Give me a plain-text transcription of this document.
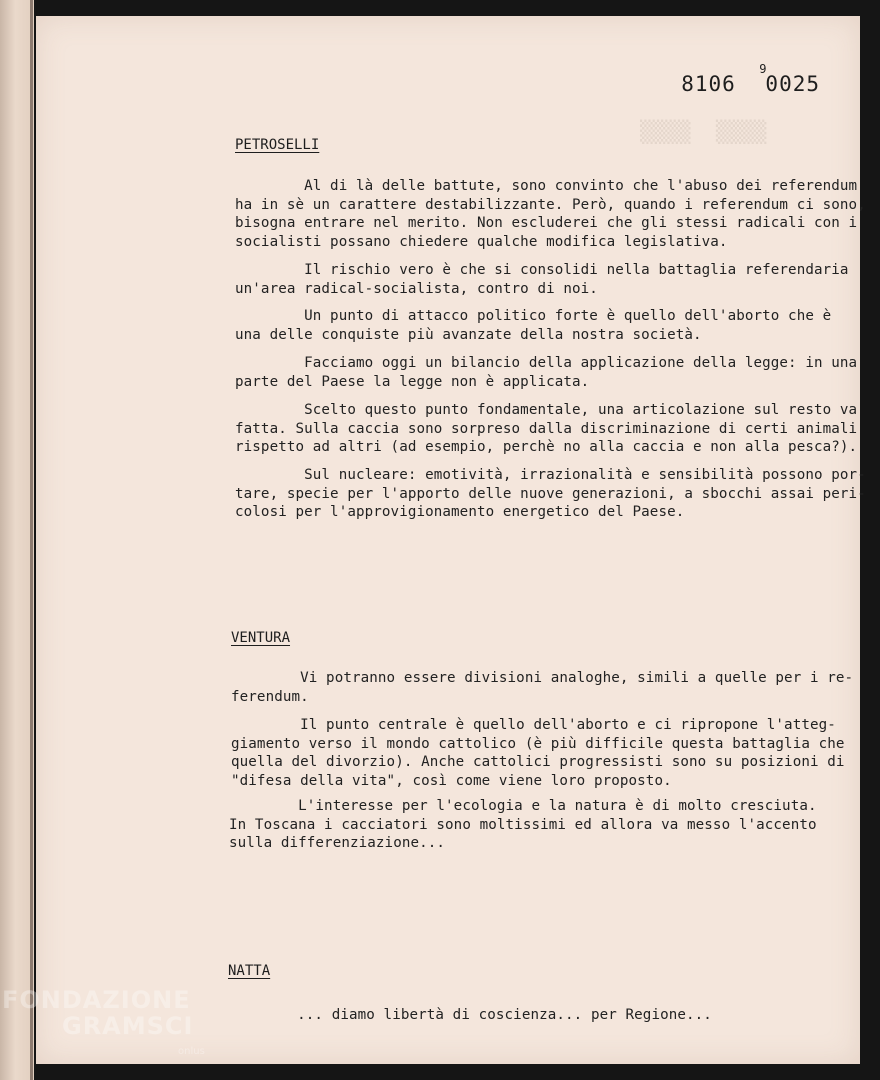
▒▒▒▒  ▒▒▒▒
8106
9
0025
PETROSELLI
Al di là delle battute, sono convinto che l'abuso dei referendum
ha in sè un carattere destabilizzante. Però, quando i referendum ci sono,
bisogna entrare nel merito. Non escluderei che gli stessi radicali con i
socialisti possano chiedere qualche modifica legislativa.
Il rischio vero è che si consolidi nella battaglia referendaria
un'area radical-socialista, contro di noi.
Un punto di attacco politico forte è quello dell'aborto che è
una delle conquiste più avanzate della nostra società.
Facciamo oggi un bilancio della applicazione della legge: in una
parte del Paese la legge non è applicata.
Scelto questo punto fondamentale, una articolazione sul resto va
fatta. Sulla caccia sono sorpreso dalla discriminazione di certi animali
rispetto ad altri (ad esempio, perchè no alla caccia e non alla pesca?).
Sul nucleare: emotività, irrazionalità e sensibilità possono por-
tare, specie per l'apporto delle nuove generazioni, a sbocchi assai peri-
colosi per l'approvigionamento energetico del Paese.
VENTURA
Vi potranno essere divisioni analoghe, simili a quelle per i re-
ferendum.
Il punto centrale è quello dell'aborto e ci ripropone l'atteg-
giamento verso il mondo cattolico (è più difficile questa battaglia che
quella del divorzio). Anche cattolici progressisti sono su posizioni di
"difesa della vita", così come viene loro proposto.
L'interesse per l'ecologia e la natura è di molto cresciuta.
In Toscana i cacciatori sono moltissimi ed allora va messo l'accento
sulla differenziazione...
NATTA
... diamo libertà di coscienza... per Regione...
FONDAZIONE
GRAMSCI
onlus
